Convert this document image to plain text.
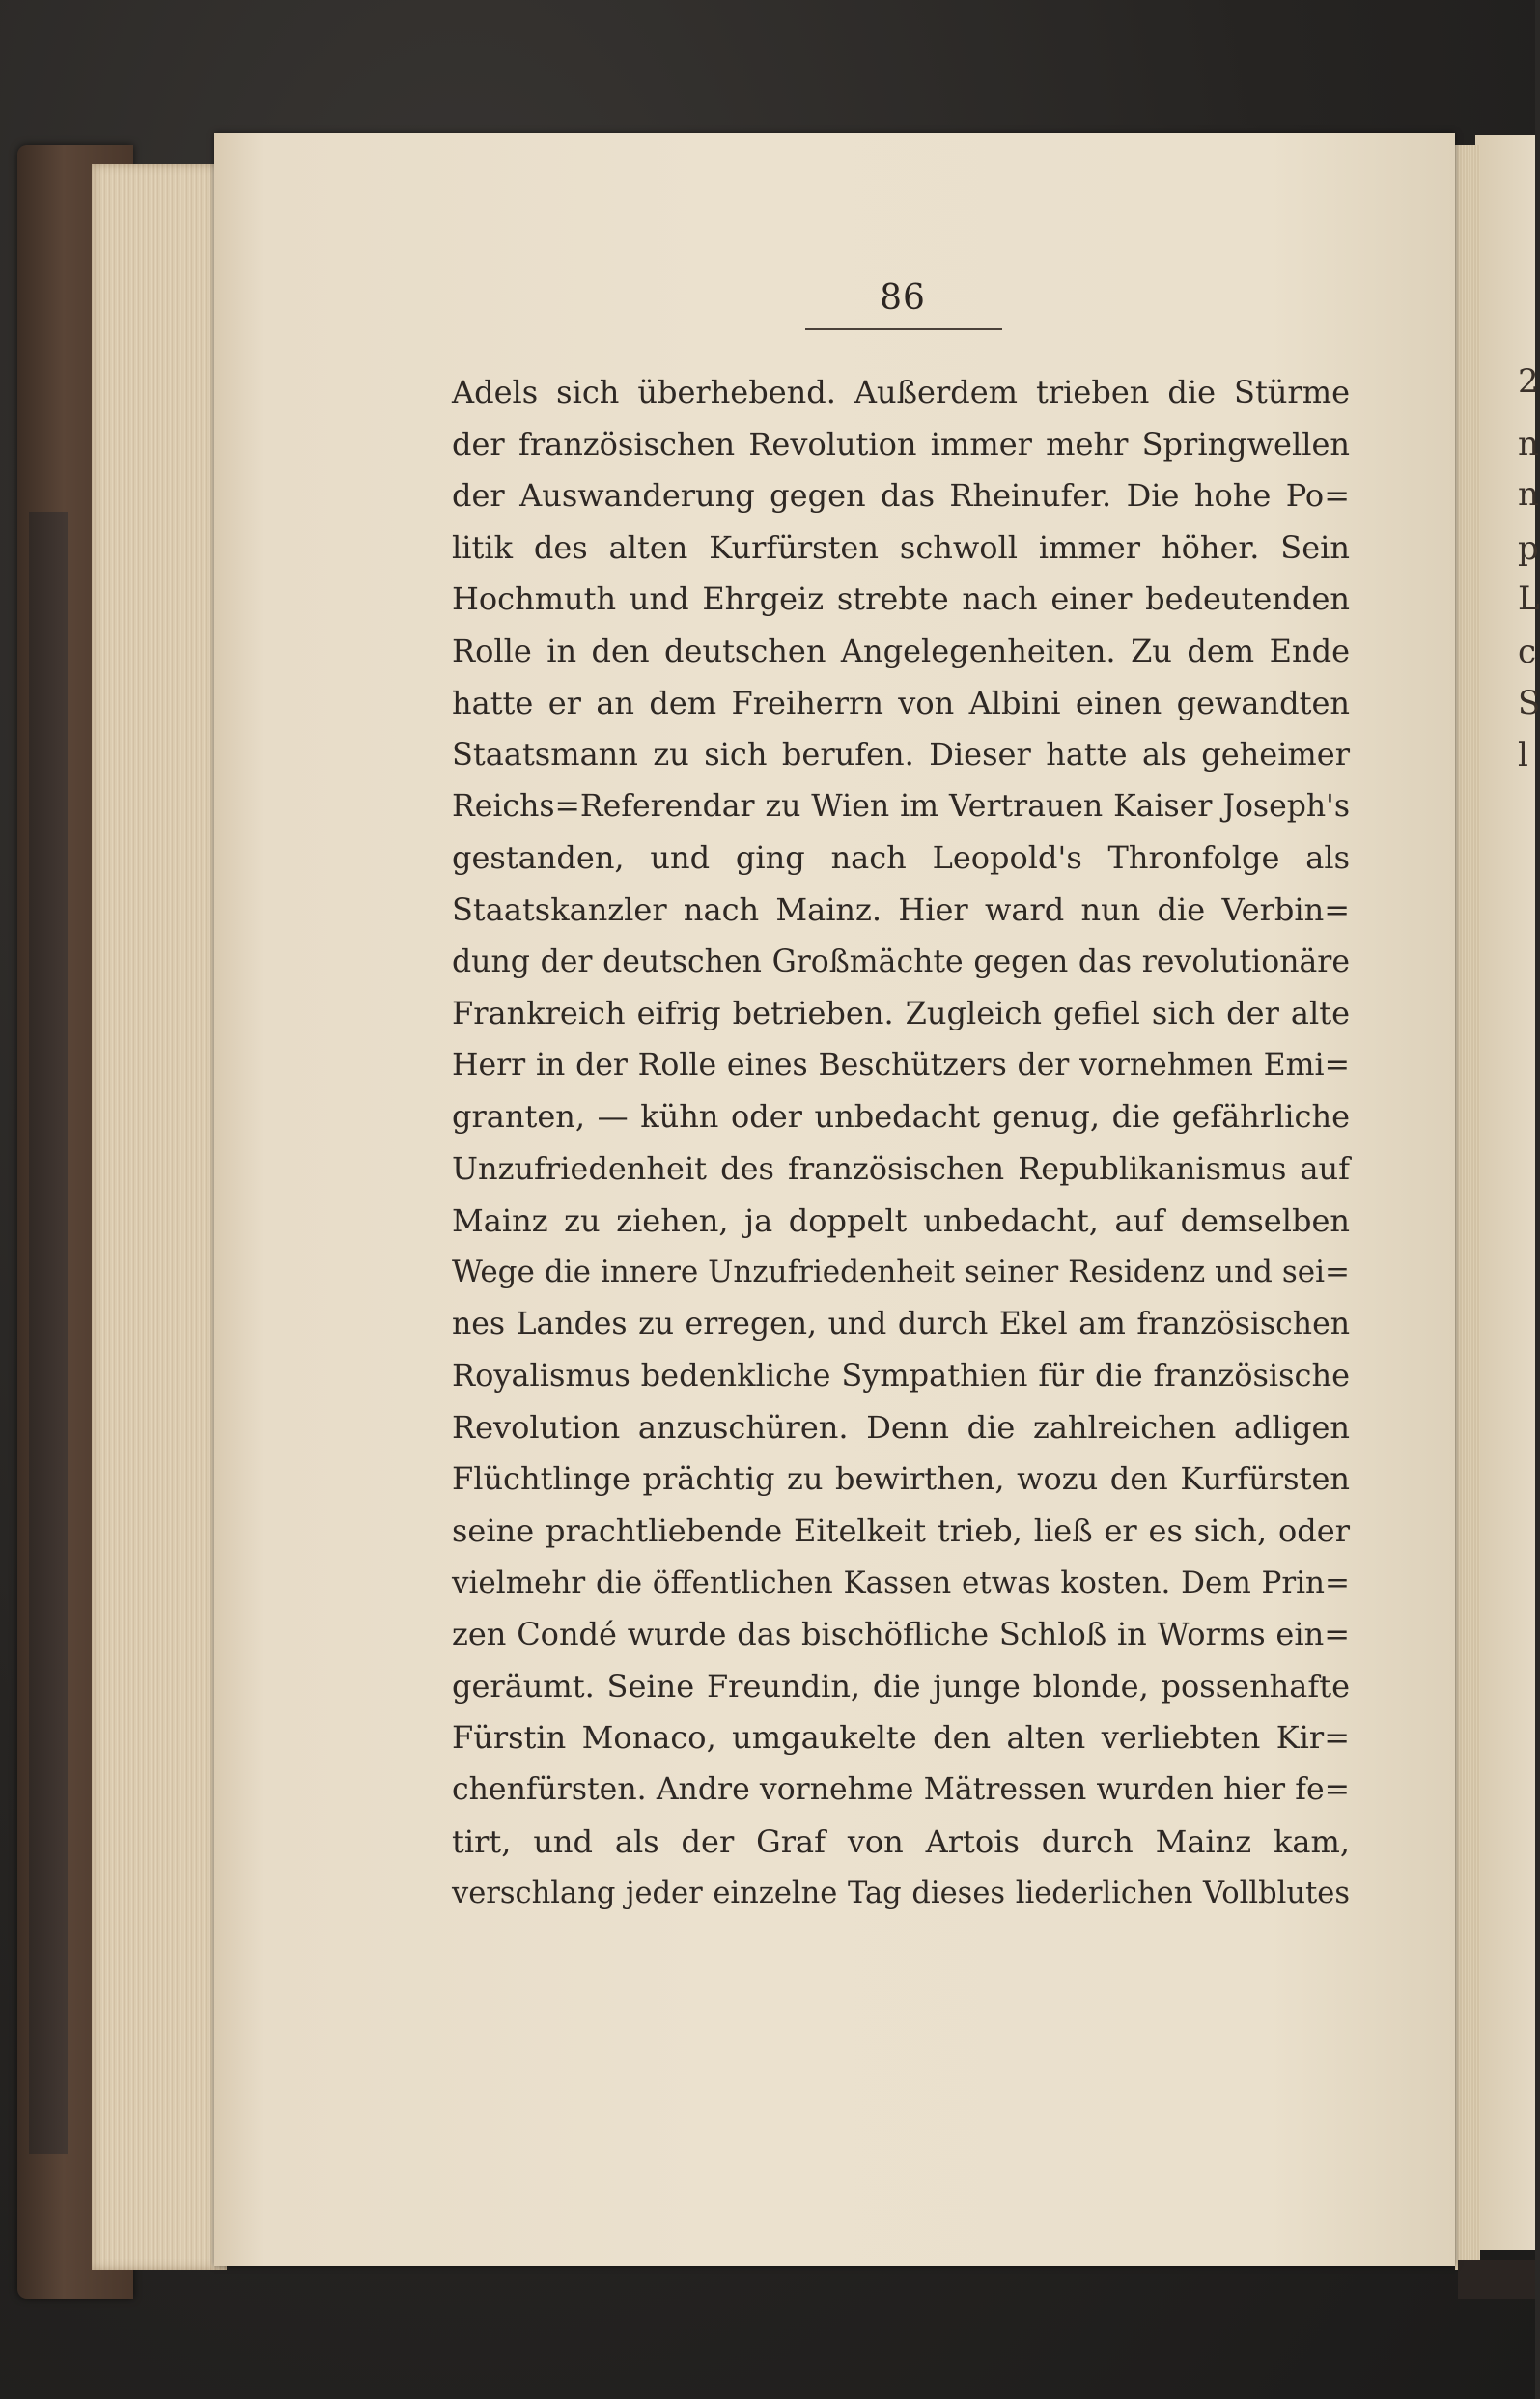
2
n
n
p
L
c
S
l
86
Adels sich überhebend. Außerdem trieben die Stürme
der französischen Revolution immer mehr Springwellen
der Auswanderung gegen das Rheinufer. Die hohe Po=
litik des alten Kurfürsten schwoll immer höher. Sein
Hochmuth und Ehrgeiz strebte nach einer bedeutenden
Rolle in den deutschen Angelegenheiten. Zu dem Ende
hatte er an dem Freiherrn von Albini einen gewandten
Staatsmann zu sich berufen. Dieser hatte als geheimer
Reichs=Referendar zu Wien im Vertrauen Kaiser Joseph's
gestanden, und ging nach Leopold's Thronfolge als
Staatskanzler nach Mainz. Hier ward nun die Verbin=
dung der deutschen Großmächte gegen das revolutionäre
Frankreich eifrig betrieben. Zugleich gefiel sich der alte
Herr in der Rolle eines Beschützers der vornehmen Emi=
granten, — kühn oder unbedacht genug, die gefährliche
Unzufriedenheit des französischen Republikanismus auf
Mainz zu ziehen, ja doppelt unbedacht, auf demselben
Wege die innere Unzufriedenheit seiner Residenz und sei=
nes Landes zu erregen, und durch Ekel am französischen
Royalismus bedenkliche Sympathien für die französische
Revolution anzuschüren. Denn die zahlreichen adligen
Flüchtlinge prächtig zu bewirthen, wozu den Kurfürsten
seine prachtliebende Eitelkeit trieb, ließ er es sich, oder
vielmehr die öffentlichen Kassen etwas kosten. Dem Prin=
zen Condé wurde das bischöfliche Schloß in Worms ein=
geräumt. Seine Freundin, die junge blonde, possenhafte
Fürstin Monaco, umgaukelte den alten verliebten Kir=
chenfürsten. Andre vornehme Mätressen wurden hier fe=
tirt, und als der Graf von Artois durch Mainz kam,
verschlang jeder einzelne Tag dieses liederlichen Vollblutes
